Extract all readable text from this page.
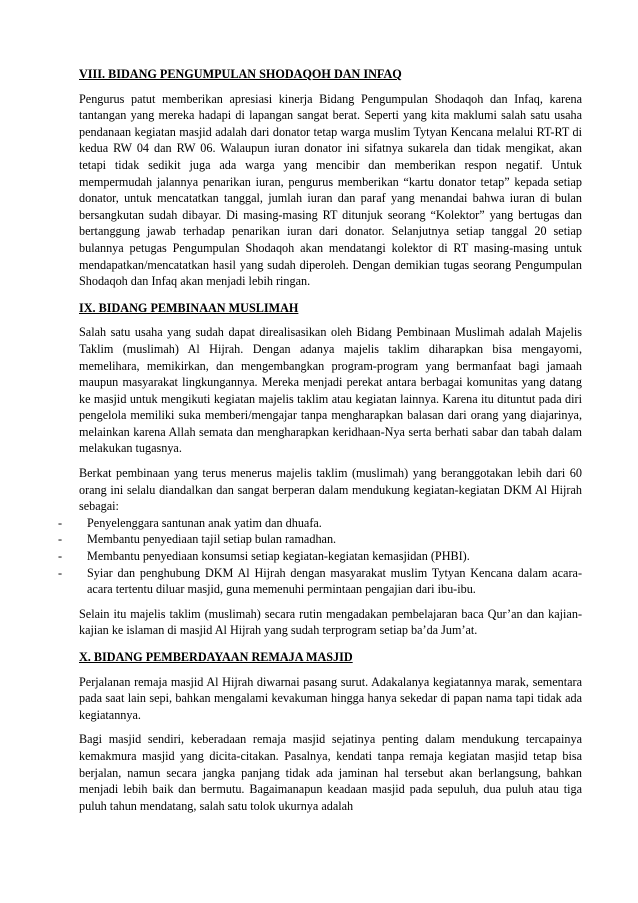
VIII. BIDANG PENGUMPULAN SHODAQOH DAN INFAQ

Pengurus patut memberikan apresiasi kinerja Bidang Pengumpulan Shodaqoh dan Infaq, karena tantangan yang mereka hadapi di lapangan sangat berat. Seperti yang kita maklumi salah satu usaha pendanaan kegiatan masjid adalah dari donator tetap warga muslim Tytyan Kencana melalui RT-RT di kedua RW 04 dan RW 06. Walaupun iuran donator ini sifatnya sukarela dan tidak mengikat, akan tetapi tidak sedikit juga ada warga yang mencibir dan memberikan respon negatif. Untuk mempermudah jalannya penarikan iuran, pengurus memberikan “kartu donator tetap” kepada setiap donator, untuk mencatatkan tanggal, jumlah iuran dan paraf yang menandai bahwa iuran di bulan bersangkutan sudah dibayar. Di masing-masing RT ditunjuk seorang “Kolektor” yang bertugas dan bertanggung jawab terhadap penarikan iuran dari donator. Selanjutnya setiap tanggal 20 setiap bulannya petugas Pengumpulan Shodaqoh akan mendatangi kolektor di RT masing-masing untuk mendapatkan/mencatatkan hasil yang sudah diperoleh. Dengan demikian tugas seorang Pengumpulan Shodaqoh dan Infaq akan menjadi lebih ringan.

IX. BIDANG PEMBINAAN MUSLIMAH

Salah satu usaha yang sudah dapat direalisasikan oleh Bidang Pembinaan Muslimah adalah Majelis Taklim (muslimah) Al Hijrah. Dengan adanya majelis taklim diharapkan bisa mengayomi, memelihara, memikirkan, dan mengembangkan program-program yang bermanfaat bagi jamaah maupun masyarakat lingkungannya. Mereka menjadi perekat antara berbagai komunitas yang datang ke masjid untuk mengikuti kegiatan majelis taklim atau kegiatan lainnya. Karena itu dituntut pada diri pengelola memiliki suka memberi/mengajar tanpa mengharapkan balasan dari orang yang diajarinya, melainkan karena Allah semata dan mengharapkan keridhaan-Nya serta berhati sabar dan tabah dalam melakukan tugasnya.

Berkat pembinaan yang terus menerus majelis taklim (muslimah) yang beranggotakan lebih dari 60 orang ini selalu diandalkan dan sangat berperan dalam mendukung kegiatan-kegiatan DKM Al Hijrah sebagai:

- Penyelenggara santunan anak yatim dan dhuafa.
- Membantu penyediaan tajil setiap bulan ramadhan.
- Membantu penyediaan konsumsi setiap kegiatan-kegiatan kemasjidan (PHBI).
- Syiar dan penghubung DKM Al Hijrah dengan masyarakat muslim Tytyan Kencana dalam acara-acara tertentu diluar masjid, guna memenuhi permintaan pengajian dari ibu-ibu.

Selain itu majelis taklim (muslimah) secara rutin mengadakan pembelajaran baca Qur’an dan kajian-kajian ke islaman di masjid Al Hijrah yang sudah terprogram setiap ba’da Jum’at.

X. BIDANG PEMBERDAYAAN REMAJA MASJID

Perjalanan remaja masjid Al Hijrah diwarnai pasang surut. Adakalanya kegiatannya marak, sementara pada saat lain sepi, bahkan mengalami kevakuman hingga hanya sekedar di papan nama tapi tidak ada kegiatannya.

Bagi masjid sendiri, keberadaan remaja masjid sejatinya penting dalam mendukung tercapainya kemakmura masjid yang dicita-citakan. Pasalnya, kendati tanpa remaja kegiatan masjid tetap bisa berjalan, namun secara jangka panjang tidak ada jaminan hal tersebut akan berlangsung, bahkan menjadi lebih baik dan bermutu. Bagaimanapun keadaan masjid pada sepuluh, dua puluh atau tiga puluh tahun mendatang, salah satu tolok ukurnya adalah
